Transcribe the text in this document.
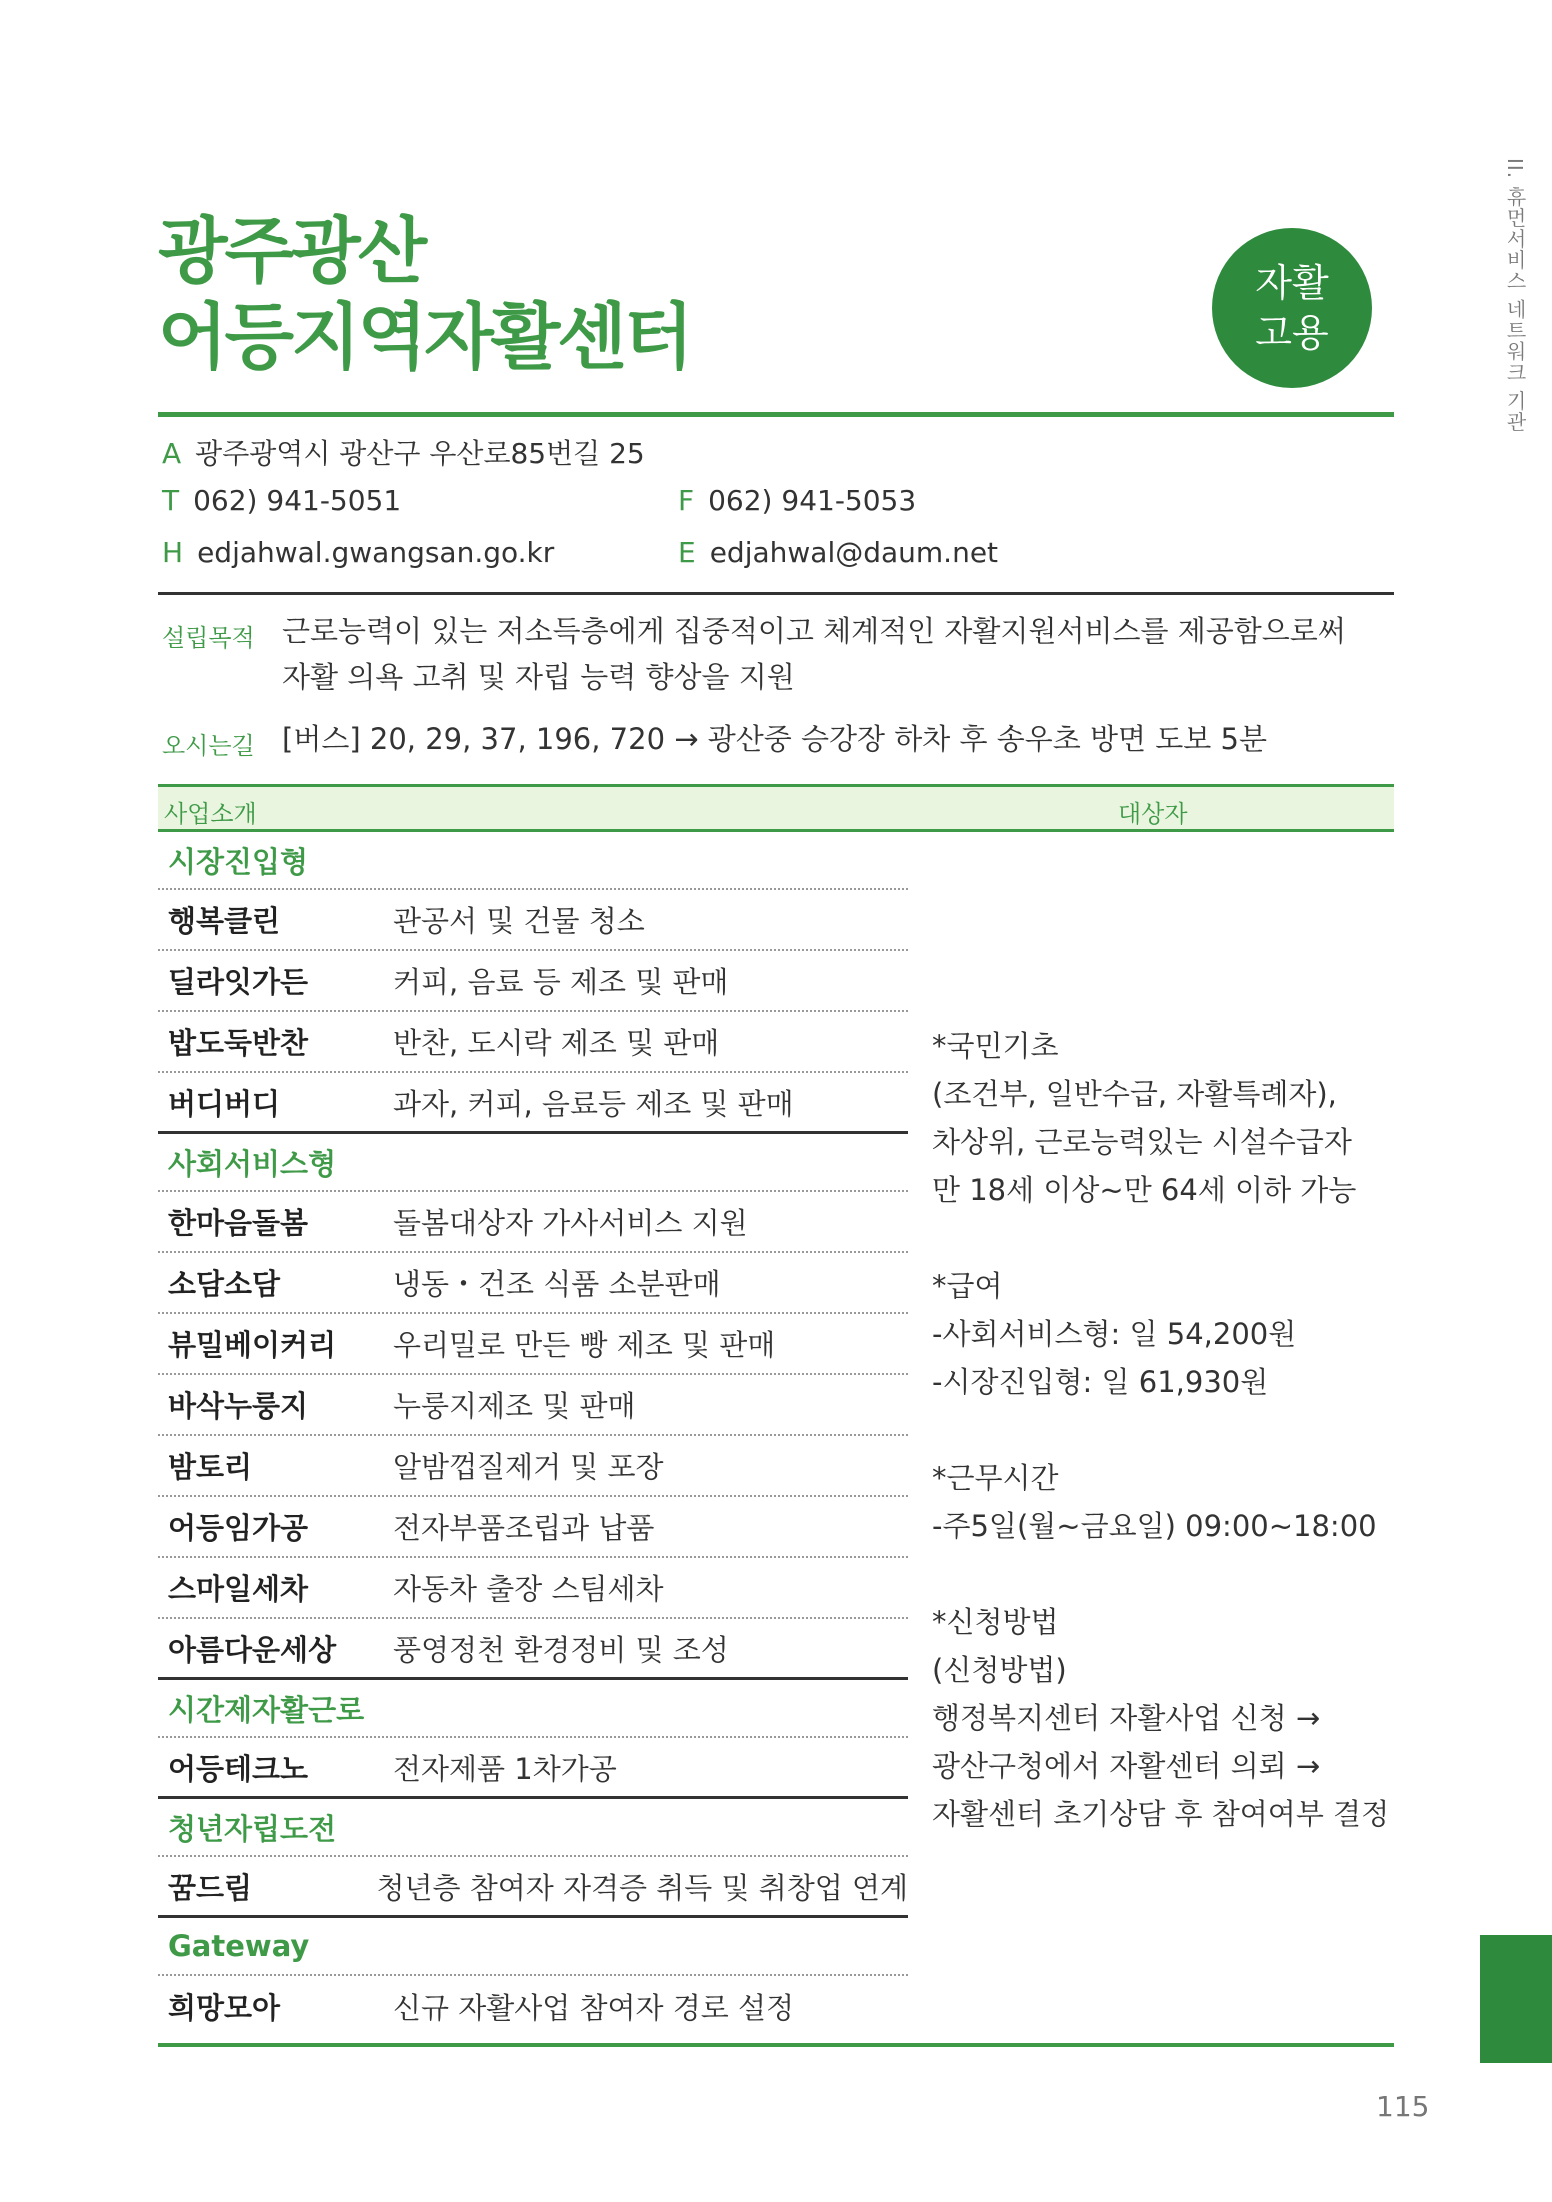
광주광산
어등지역자활센터
자활
고용	II. 휴먼서비스 네트워크 기관
A 광주광역시 광산구 우산로85번길 25
T 062) 941-5051	F 062) 941-5053
H edjahwal.gwangsan.go.kr	E edjahwal@daum.net
설립목적 근로능력이 있는 저소득층에게 집중적이고 체계적인 자활지원서비스를 제공함으로써
자활 의욕 고취 및 자립 능력 향상을 지원
오시는길 [버스] 20, 29, 37, 196, 720 → 광산중 승강장 하차 후 송우초 방면 도보 5분
사업소개	대상자
시장진입형
행복클린	관공서 및 건물 청소
딜라잇가든	커피, 음료 등 제조 및 판매
밥도둑반찬	반찬, 도시락 제조 및 판매
버디버디	과자, 커피, 음료등 제조 및 판매
사회서비스형
한마음돌봄	돌봄대상자 가사서비스 지원
소담소담	냉동・건조 식품 소분판매
뷰밀베이커리	우리밀로 만든 빵 제조 및 판매
바삭누룽지	누룽지제조 및 판매
밤토리	알밤껍질제거 및 포장
어등임가공	전자부품조립과 납품
스마일세차	자동차 출장 스팀세차
아름다운세상	풍영정천 환경정비 및 조성
시간제자활근로
어등테크노	전자제품 1차가공
청년자립도전
꿈드림	청년층 참여자 자격증 취득 및 취창업 연계
Gateway
희망모아	신규 자활사업 참여자 경로 설정

*국민기초

(조건부, 일반수급, 자활특례자),

차상위, 근로능력있는 시설수급자

만 18세 이상~만 64세 이하 가능

*급여

-사회서비스형: 일 54,200원

-시장진입형: 일 61,930원

*근무시간

-주5일(월~금요일) 09:00~18:00

*신청방법

(신청방법)

행정복지센터 자활사업 신청 →

광산구청에서 자활센터 의뢰 →

자활센터 초기상담 후 참여여부 결정

115
